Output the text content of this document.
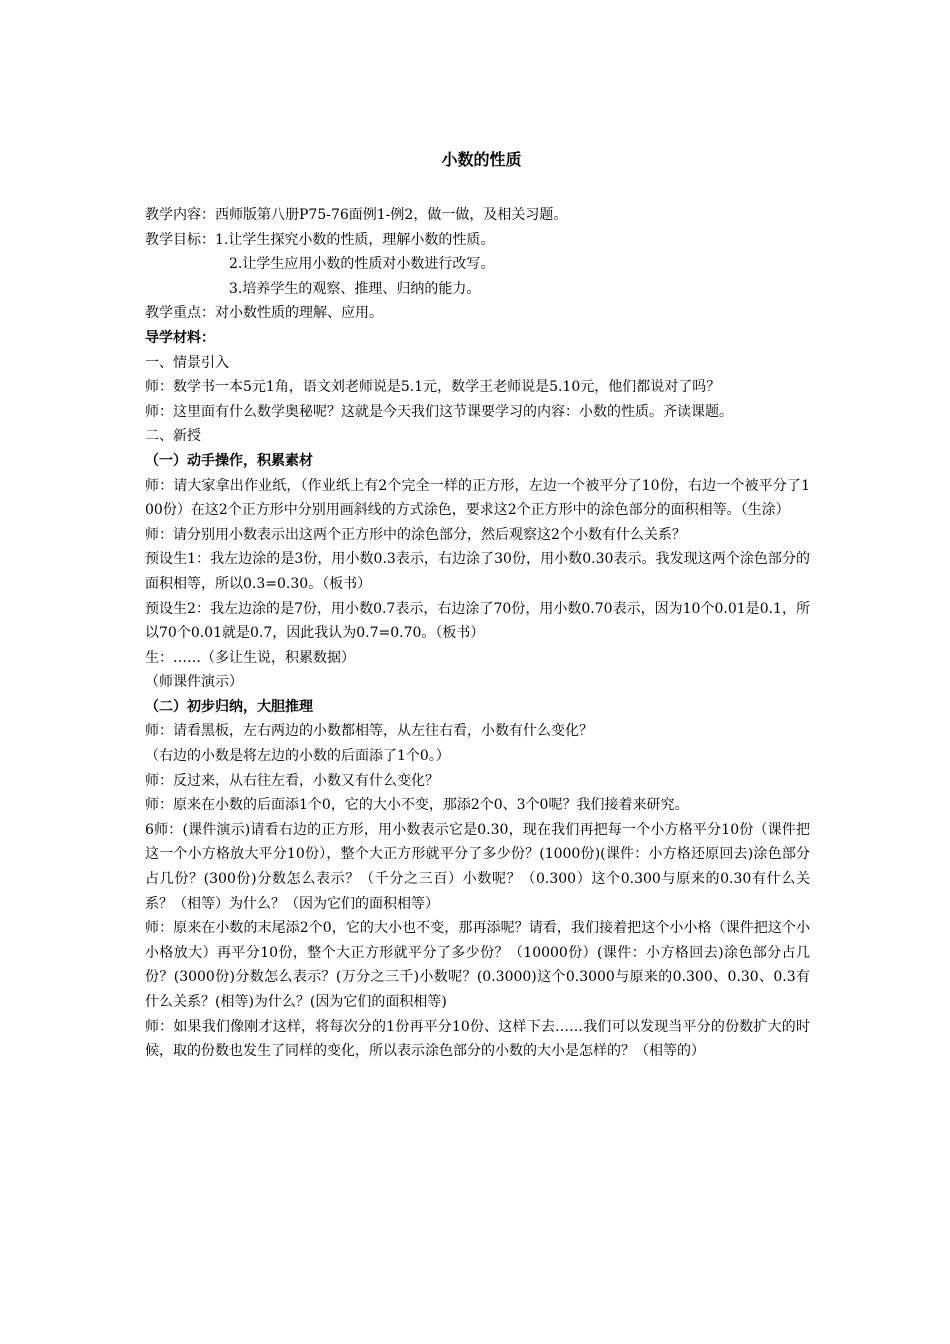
小数的性质

教学内容：西师版第八册P75-76面例1-例2，做一做，及相关习题。

教学目标：1.让学生探究小数的性质，理解小数的性质。

2.让学生应用小数的性质对小数进行改写。

3.培养学生的观察、推理、归纳的能力。

教学重点：对小数性质的理解、应用。

导学材料：

一、情景引入

师：数学书一本5元1角，语文刘老师说是5.1元，数学王老师说是5.10元，他们都说对了吗？

师：这里面有什么数学奥秘呢？这就是今天我们这节课要学习的内容：小数的性质。齐读课题。

二、新授

（一）动手操作，积累素材

师：请大家拿出作业纸，（作业纸上有2个完全一样的正方形，左边一个被平分了10份，右边一个被平分了100份）在这2个正方形中分别用画斜线的方式涂色，要求这2个正方形中的涂色部分的面积相等。（生涂）

师：请分别用小数表示出这两个正方形中的涂色部分，然后观察这2个小数有什么关系？

预设生1：我左边涂的是3份，用小数0.3表示，右边涂了30份，用小数0.30表示。我发现这两个涂色部分的面积相等，所以0.3=0.30。（板书）

预设生2：我左边涂的是7份，用小数0.7表示，右边涂了70份，用小数0.70表示，因为10个0.01是0.1，所以70个0.01就是0.7，因此我认为0.7=0.70。（板书）

生：……（多让生说，积累数据）

（师课件演示）

（二）初步归纳，大胆推理

师：请看黑板，左右两边的小数都相等，从左往右看，小数有什么变化？

（右边的小数是将左边的小数的后面添了1个0。）

师：反过来，从右往左看，小数又有什么变化？

师：原来在小数的后面添1个0，它的大小不变，那添2个0、3个0呢？我们接着来研究。

6师：(课件演示)请看右边的正方形，用小数表示它是0.30，现在我们再把每一个小方格平分10份（课件把这一个小方格放大平分10份），整个大正方形就平分了多少份？(1000份)(课件：小方格还原回去)涂色部分占几份？(300份)分数怎么表示？（千分之三百）小数呢？（0.300）这个0.300与原来的0.30有什么关系？（相等）为什么？（因为它们的面积相等）

师：原来在小数的末尾添2个0，它的大小也不变，那再添呢？请看，我们接着把这个小小格（课件把这个小小格放大）再平分10份，整个大正方形就平分了多少份？（10000份）(课件：小方格回去)涂色部分占几份？(3000份)分数怎么表示？(万分之三千)小数呢？(0.3000)这个0.3000与原来的0.300、0.30、0.3有什么关系？(相等)为什么？(因为它们的面积相等)

师：如果我们像刚才这样，将每次分的1份再平分10份、这样下去……我们可以发现当平分的份数扩大的时候，取的份数也发生了同样的变化，所以表示涂色部分的小数的大小是怎样的？（相等的）
